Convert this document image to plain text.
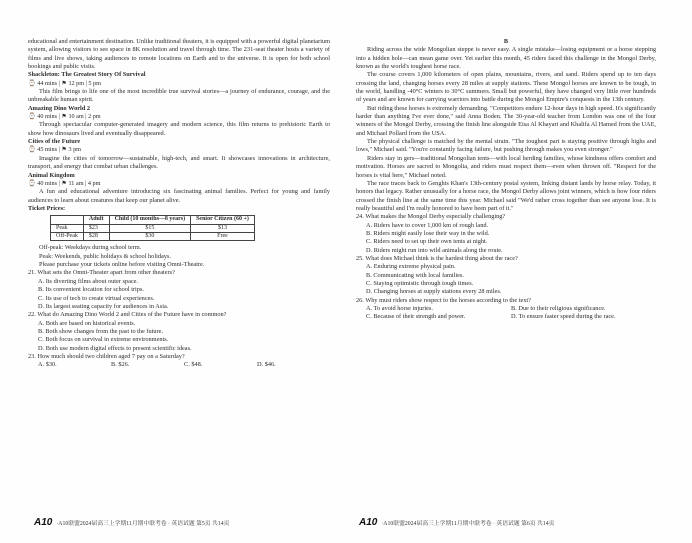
educational and entertainment destination. Unlike traditional theaters, it is equipped with a powerful digital planetarium system, allowing visitors to see space in 8K resolution and travel through time. The 231-seat theater hosts a variety of films and live shows, taking audiences to remote locations on Earth and to the universe. It is open for both school bookings and public visits.

Shackleton: The Greatest Story Of Survival

⌚ 44 mins | ⚑ 12 pm | 5 pm

This film brings to life one of the most incredible true survival stories—a journey of endurance, courage, and the unbreakable human spirit.

Amazing Dino World 2

⌚ 40 mins | ⚑ 10 am | 2 pm

Through spectacular computer-generated imagery and modern science, this film returns to prehistoric Earth to show how dinosaurs lived and eventually disappeared.

Cities of the Future

⌚ 45 mins | ⚑ 3 pm

Imagine the cities of tomorrow—sustainable, high-tech, and smart. It showcases innovations in architecture, transport, and energy that combat urban challenges.

Animal Kingdom

⌚ 40 mins | ⚑ 11 am | 4 pm

A fun and educational adventure introducing six fascinating animal families. Perfect for young and family audiences to learn about creatures that keep our planet alive.

Ticket Prices:

	Adult	Child (10 months—8 years)	Senior Citizen (60 +)
Peak	$23	$15	$13
Off-Peak	$28	$30	Free

Off-peak: Weekdays during school term.

Peak: Weekends, public holidays & school holidays.

Please purchase your tickets online before visiting Omni-Theatre.

21. What sets the Omni-Theater apart from other theaters?

A. Its diverting films about outer space.

B. Its convenient location for school trips.

C. Its use of tech to create virtual experiences.

D. Its largest seating capacity for audiences in Asia.

22. What do Amazing Dino World 2 and Cities of the Future have in common?

A. Both are based on historical events.

B. Both show changes from the past to the future.

C. Both focus on survival in extreme environments.

D. Both use modern digital effects to present scientific ideas.

23. How much should two children aged 7 pay on a Saturday?

A. $30.	B. $26.	C. $48.	D. $46.

B

Riding across the wide Mongolian steppe is never easy. A single mistake—losing equipment or a horse stepping into a hidden hole—can mean game over. Yet earlier this month, 45 riders faced this challenge in the Mongol Derby, known as the world's toughest horse race.

The course covers 1,000 kilometers of open plains, mountains, rivers, and sand. Riders spend up to ten days crossing the land, changing horses every 28 miles at supply stations. These Mongol horses are known to be tough, in the world, handling -40°C winters to 30°C summers. Small but powerful, they have changed very little over hundreds of years and are known for carrying warriors into battle during the Mongol Empire's conquests in the 13th century.

But riding these horses is extremely demanding. "Competitors endure 12-hour days in high speed. It's significantly harder than anything I've ever done," said Anna Boden. The 30-year-old teacher from London was one of the four winners of the Mongol Derby, crossing the finish line alongside Eisa Al Khayari and Khalifa Al Hamed from the UAE, and Michael Pollard from the USA.

The physical challenge is matched by the mental strain. "The toughest part is staying positive through highs and lows," Michael said. "You're constantly facing failure, but pushing through makes you even stronger."

Riders stay in gers—traditional Mongolian tents—with local herding families, whose kindness offers comfort and motivation. Horses are sacred to Mongolia, and riders must respect them—even when thrown off. "Respect for the horses is vital here," Michael noted.

The race traces back to Genghis Khan's 13th-century postal system, linking distant lands by horse relay. Today, it honors that legacy. Rather unusually for a horse race, the Mongol Derby allows joint winners, which is how four riders crossed the finish line at the same time this year. Michael said "We'd rather cross together than see anyone lose. It is really beautiful and I'm really honored to have been part of it."

24. What makes the Mongol Derby especially challenging?

A. Riders have to cover 1,000 km of rough land.

B. Riders might easily lose their way in the wild.

C. Riders need to set up their own tents at night.

D. Riders might run into wild animals along the route.

25. What does Michael think is the hardest thing about the race?

A. Enduring extreme physical pain.

B. Communicating with local families.

C. Staying optimistic through tough times.

D. Changing horses at supply stations every 28 miles.

26. Why must riders show respect to the horses according to the text?

A. To avoid horse injuries.	B. Due to their religious significance.
C. Because of their strength and power.	D. To ensure faster speed during the race.
A10 ·A10联盟2024届高三上学期11月期中联考卷 · 英语试题 第5页 共14页	A10 ·A10联盟2024届高三上学期11月期中联考卷 · 英语试题 第6页 共14页
